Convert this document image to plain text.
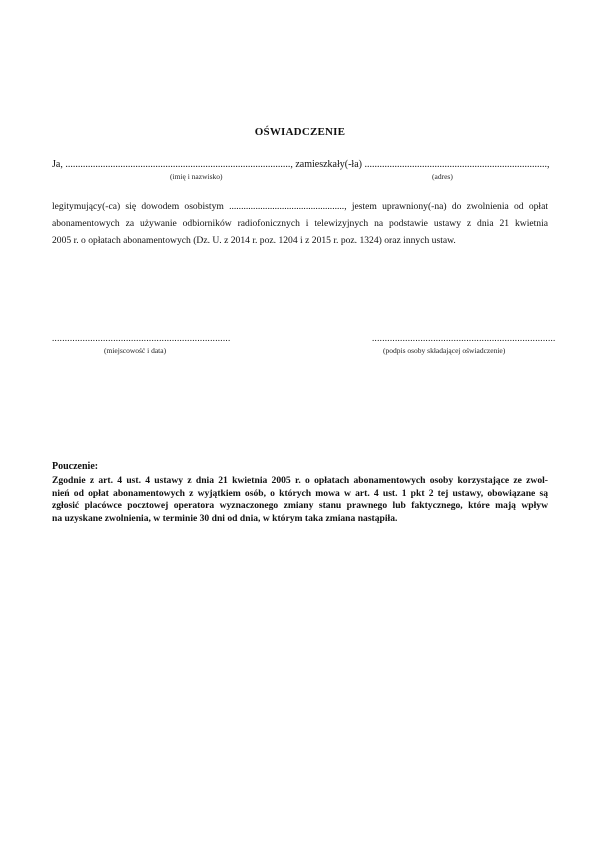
OŚWIADCZENIE
Ja, .........................................................................................., zamieszkały(-ła) .........................................................................,
(imię i nazwisko)	(adres)
legitymujący(-ca) się dowodem osobistym ................................................, jestem uprawniony(-na) do zwolnienia od opłat
abonamentowych za używanie odbiorników radiofonicznych i telewizyjnych na podstawie ustawy z dnia 21 kwietnia
2005 r. o opłatach abonamentowych (Dz. U. z 2014 r. poz. 1204 i z 2015 r. poz. 1324) oraz innych ustaw.
......................................................................	........................................................................
(miejscowość i data)	(podpis osoby składającej oświadczenie)
Pouczenie:
Zgodnie z art. 4 ust. 4 ustawy z dnia 21 kwietnia 2005 r. o opłatach abonamentowych osoby korzystające ze zwol-
nień od opłat abonamentowych z wyjątkiem osób, o których mowa w art. 4 ust. 1 pkt 2 tej ustawy, obowiązane są
zgłosić placówce pocztowej operatora wyznaczonego zmiany stanu prawnego lub faktycznego, które mają wpływ
na uzyskane zwolnienia, w terminie 30 dni od dnia, w którym taka zmiana nastąpiła.
